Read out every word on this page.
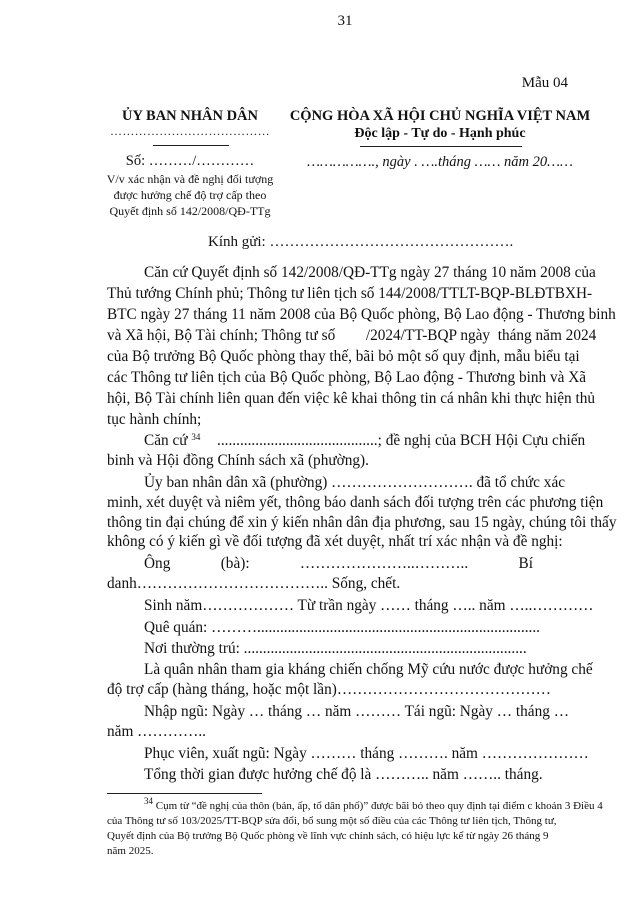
31
Mẫu 04
ỦY BAN NHÂN DÂN
…………………………………
CỘNG HÒA XÃ HỘI CHỦ NGHĨA VIỆT NAM
Độc lập - Tự do - Hạnh phúc
Số: ………/…………
V/v xác nhận và đề nghị đối tượng
được hưởng chế độ trợ cấp theo
Quyết định số 142/2008/QĐ-TTg
……………., ngày . ….tháng …… năm 20……
Kính gửi: ………………………………………….
Căn cứ Quyết định số 142/2008/QĐ-TTg ngày 27 tháng 10 năm 2008 của
Thủ tướng Chính phủ; Thông tư liên tịch số 144/2008/TTLT-BQP-BLĐTBXH-
BTC ngày 27 tháng 11 năm 2008 của Bộ Quốc phòng, Bộ Lao động - Thương binh
và Xã hội, Bộ Tài chính; Thông tư số        /2024/TT-BQP ngày  tháng năm 2024
của Bộ trưởng Bộ Quốc phòng thay thế, bãi bỏ một số quy định, mẫu biểu tại
các Thông tư liên tịch của Bộ Quốc phòng, Bộ Lao động - Thương binh và Xã
hội, Bộ Tài chính liên quan đến việc kê khai thông tin cá nhân khi thực hiện thủ
tục hành chính;
Căn cứ $^{34}$ ..........................................; đề nghị của BCH Hội Cựu chiến
binh và Hội đồng Chính sách xã (phường).
Ủy ban nhân dân xã (phường) ………………………. đã tổ chức xác
minh, xét duyệt và niêm yết, thông báo danh sách đối tượng trên các phương tiện
thông tin đại chúng để xin ý kiến nhân dân địa phương, sau 15 ngày, chúng tôi thấy
không có ý kiến gì về đối tượng đã xét duyệt, nhất trí xác nhận và đề nghị:
Ông           (bà):           …………………..………..           Bí
danh……………………………….. Sống, chết.
Sinh năm……………… Từ trần ngày …… tháng ….. năm …..…………
Quê quán: ………..........................................................................
Nơi thường trú: ..........................................................................
Là quân nhân tham gia kháng chiến chống Mỹ cứu nước được hưởng chế
độ trợ cấp (hàng tháng, hoặc một lần)……………………………………
Nhập ngũ: Ngày … tháng … năm ……… Tái ngũ: Ngày … tháng …
năm …………..
Phục viên, xuất ngũ: Ngày ……… tháng ………. năm …………………
Tổng thời gian được hưởng chế độ là ……….. năm …….. tháng.
$^{34}$ Cụm từ “đề nghị của thôn (bản, ấp, tổ dân phố)” được bãi bỏ theo quy định tại điểm c khoản 3 Điều 4
của Thông tư số 103/2025/TT-BQP sửa đổi, bổ sung một số điều của các Thông tư liên tịch, Thông tư,
Quyết định của Bộ trưởng Bộ Quốc phòng về lĩnh vực chính sách, có hiệu lực kể từ ngày 26 tháng 9
năm 2025.
